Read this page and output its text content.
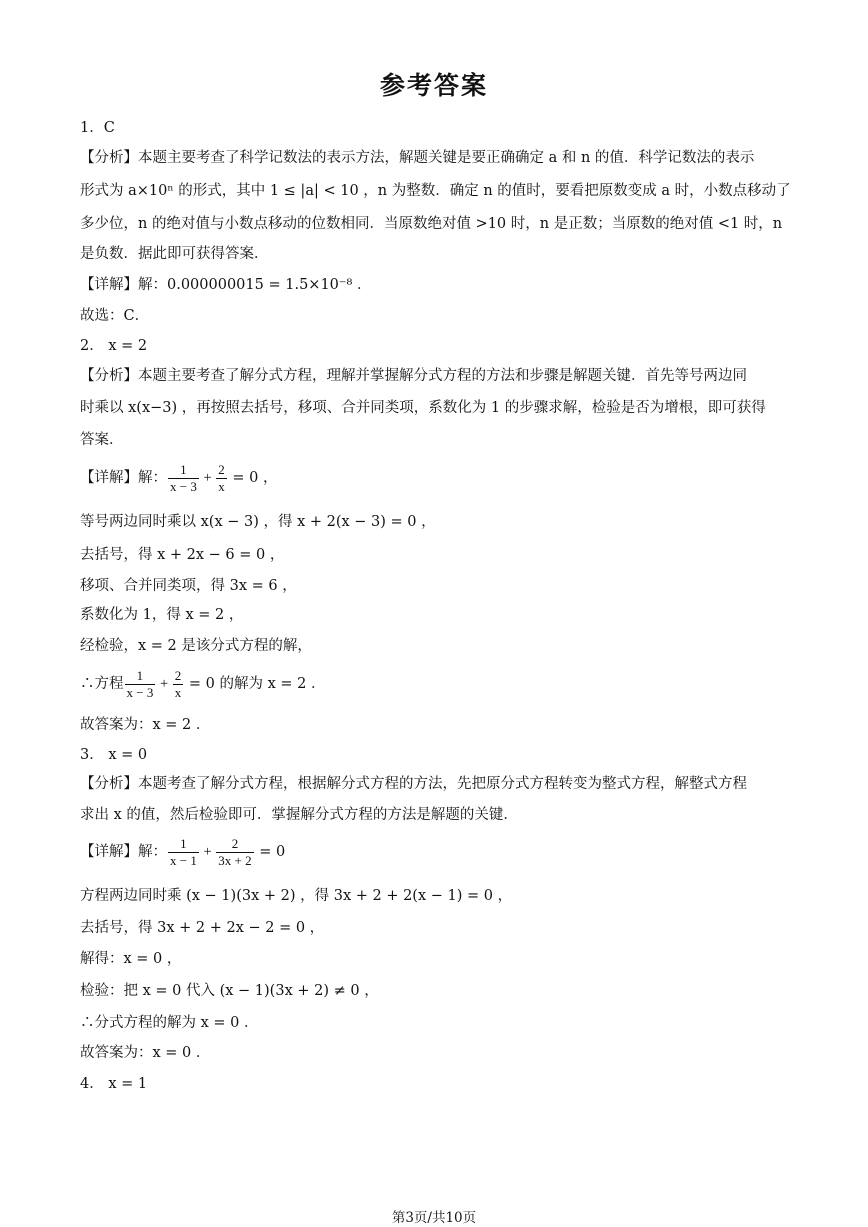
参考答案
1．C
【分析】本题主要考查了科学记数法的表示方法，解题关键是要正确确定 a 和 n 的值．科学记数法的表示
形式为 a×10ⁿ 的形式，其中 1 ≤ |a| < 10 ，n 为整数．确定 n 的值时，要看把原数变成 a 时，小数点移动了
多少位，n 的绝对值与小数点移动的位数相同．当原数绝对值 >10 时，n 是正数；当原数的绝对值 <1 时，n
是负数．据此即可获得答案．
【详解】解：0.000000015 = 1.5×10⁻⁸ ．
故选：C．
2． x = 2
【分析】本题主要考查了解分式方程，理解并掌握解分式方程的方法和步骤是解题关键．首先等号两边同
时乘以 x(x−3) ，再按照去括号，移项、合并同类项，系数化为 1 的步骤求解，检验是否为增根，即可获得
答案．
【详解】解： $\frac{1}{x - 3} + \frac{2}{x} = 0$ ，
等号两边同时乘以 x(x − 3) ，得 x + 2(x − 3) = 0 ，
去括号，得 x + 2x − 6 = 0 ，
移项、合并同类项，得 3x = 6 ，
系数化为 1，得 x = 2 ，
经检验，x = 2 是该分式方程的解，
∴方程 $\frac{1}{x - 3} + \frac{2}{x} = 0$ 的解为 x = 2 ．
故答案为：x = 2 ．
3． x = 0
【分析】本题考查了解分式方程，根据解分式方程的方法，先把原分式方程转变为整式方程，解整式方程
求出 x 的值，然后检验即可．掌握解分式方程的方法是解题的关键．
【详解】解： $\frac{1}{x - 1} + \frac{2}{3x + 2} = 0$
方程两边同时乘 (x − 1)(3x + 2) ，得 3x + 2 + 2(x − 1) = 0 ，
去括号，得 3x + 2 + 2x − 2 = 0 ，
解得：x = 0 ，
检验：把 x = 0 代入 (x − 1)(3x + 2) ≠ 0 ，
∴分式方程的解为 x = 0 ．
故答案为：x = 0 ．
4． x = 1
第3页/共10页
